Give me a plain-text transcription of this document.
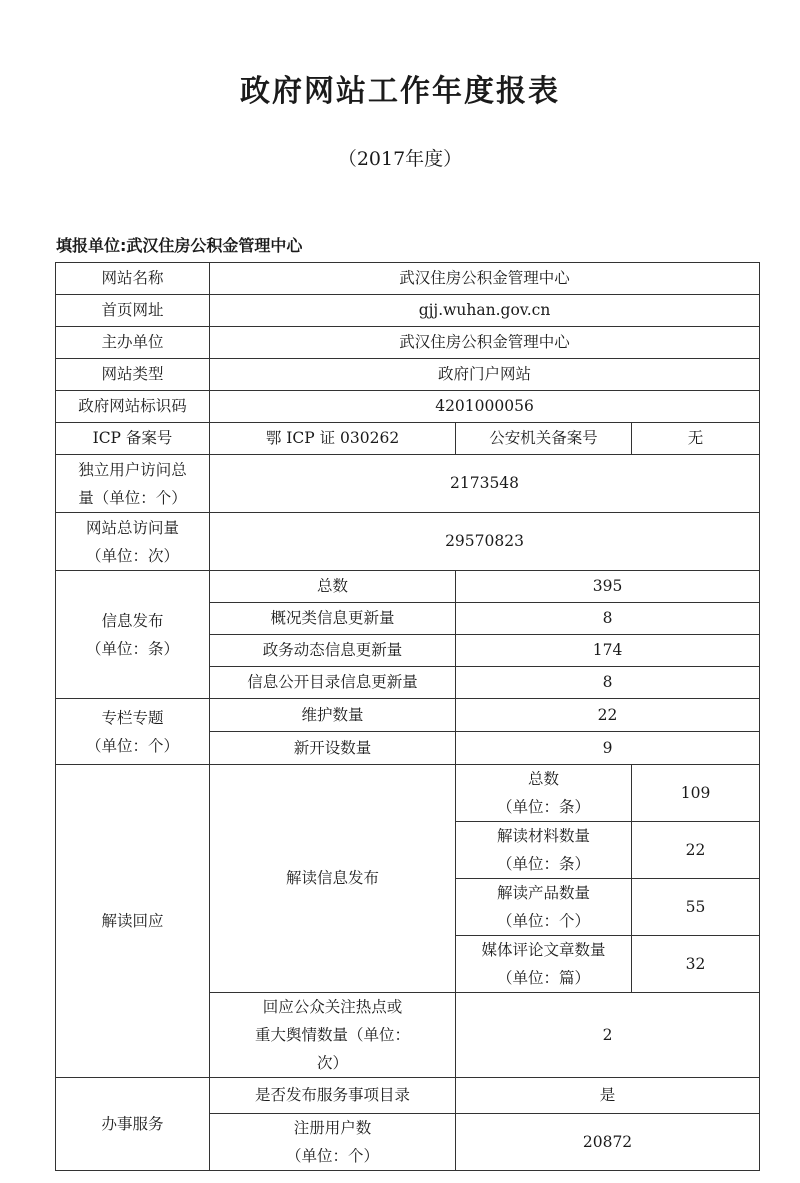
政府网站工作年度报表
（2017年度）
填报单位:武汉住房公积金管理中心
网站名称	武汉住房公积金管理中心		
首页网址	gjj.wuhan.gov.cn		
主办单位	武汉住房公积金管理中心		
网站类型	政府门户网站		
政府网站标识码	4201000056		
ICP 备案号	鄂 ICP 证 030262	公安机关备案号	无

独立用户访问总
量（单位：个）	2173548		

网站总访问量
（单位：次）	29570823		

信息发布
（单位：条）	总数	395	
	概况类信息更新量	8	
	政务动态信息更新量	174	
	信息公开目录信息更新量	8	

专栏专题
（单位：个）	维护数量	22	
	新开设数量	9	
解读回应	解读信息发布	总数
（单位：条）	109

		解读材料数量
（单位：条）	22

		解读产品数量
（单位：个）	55

		媒体评论文章数量
（单位：篇）	32

	回应公众关注热点或
重大舆情数量（单位：
次）	2	
办事服务	是否发布服务事项目录	是	

	注册用户数
（单位：个）	20872	
